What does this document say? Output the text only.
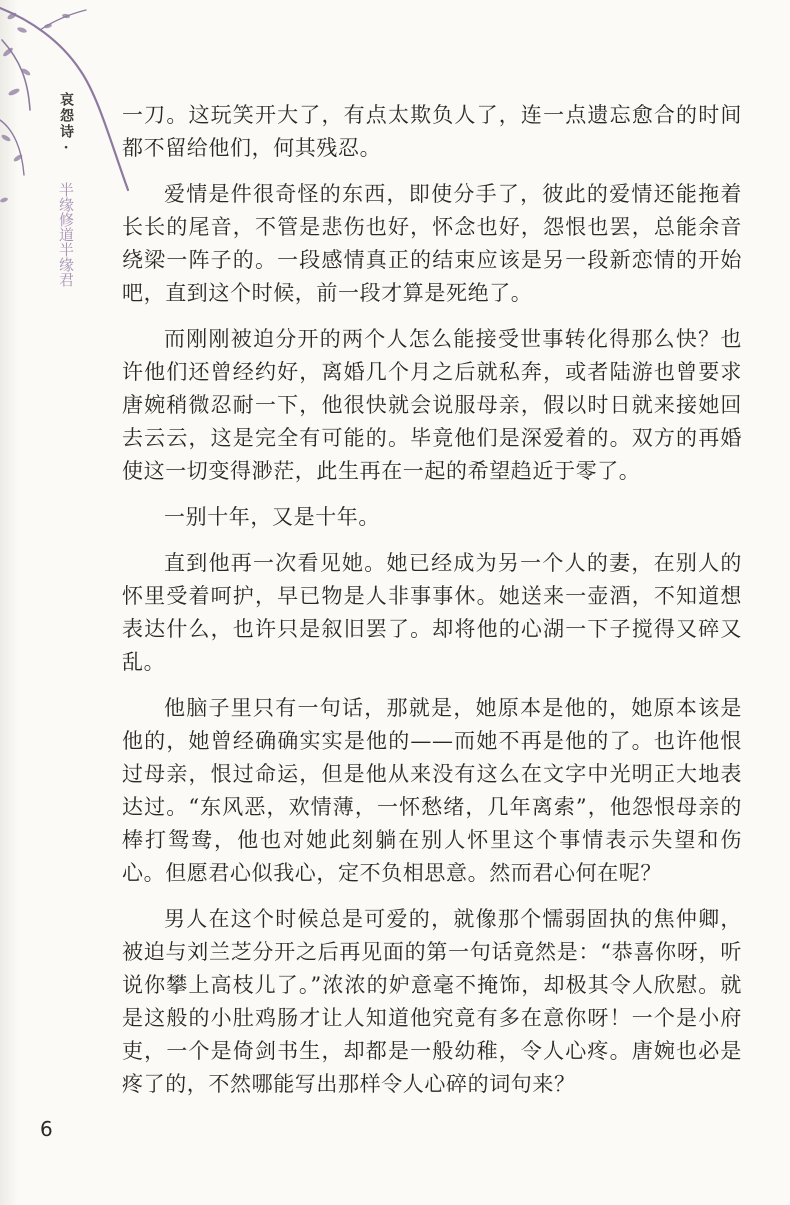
哀怨诗·
半缘修道半缘君

一刀。这玩笑开大了，有点太欺负人了，连一点遗忘愈合的时间都不留给他们，何其残忍。

爱情是件很奇怪的东西，即使分手了，彼此的爱情还能拖着长长的尾音，不管是悲伤也好，怀念也好，怨恨也罢，总能余音绕梁一阵子的。一段感情真正的结束应该是另一段新恋情的开始吧，直到这个时候，前一段才算是死绝了。

而刚刚被迫分开的两个人怎么能接受世事转化得那么快？也许他们还曾经约好，离婚几个月之后就私奔，或者陆游也曾要求唐婉稍微忍耐一下，他很快就会说服母亲，假以时日就来接她回去云云，这是完全有可能的。毕竟他们是深爱着的。双方的再婚使这一切变得渺茫，此生再在一起的希望趋近于零了。

一别十年，又是十年。

直到他再一次看见她。她已经成为另一个人的妻，在别人的怀里受着呵护，早已物是人非事事休。她送来一壶酒，不知道想表达什么，也许只是叙旧罢了。却将他的心湖一下子搅得又碎又乱。

他脑子里只有一句话，那就是，她原本是他的，她原本该是他的，她曾经确确实实是他的——而她不再是他的了。也许他恨过母亲，恨过命运，但是他从来没有这么在文字中光明正大地表达过。“东风恶，欢情薄，一怀愁绪，几年离索”，他怨恨母亲的棒打鸳鸯，他也对她此刻躺在别人怀里这个事情表示失望和伤心。但愿君心似我心，定不负相思意。然而君心何在呢？

男人在这个时候总是可爱的，就像那个懦弱固执的焦仲卿，被迫与刘兰芝分开之后再见面的第一句话竟然是：“恭喜你呀，听说你攀上高枝儿了。”浓浓的妒意毫不掩饰，却极其令人欣慰。就是这般的小肚鸡肠才让人知道他究竟有多在意你呀！一个是小府吏，一个是倚剑书生，却都是一般幼稚，令人心疼。唐婉也必是疼了的，不然哪能写出那样令人心碎的词句来？

6
